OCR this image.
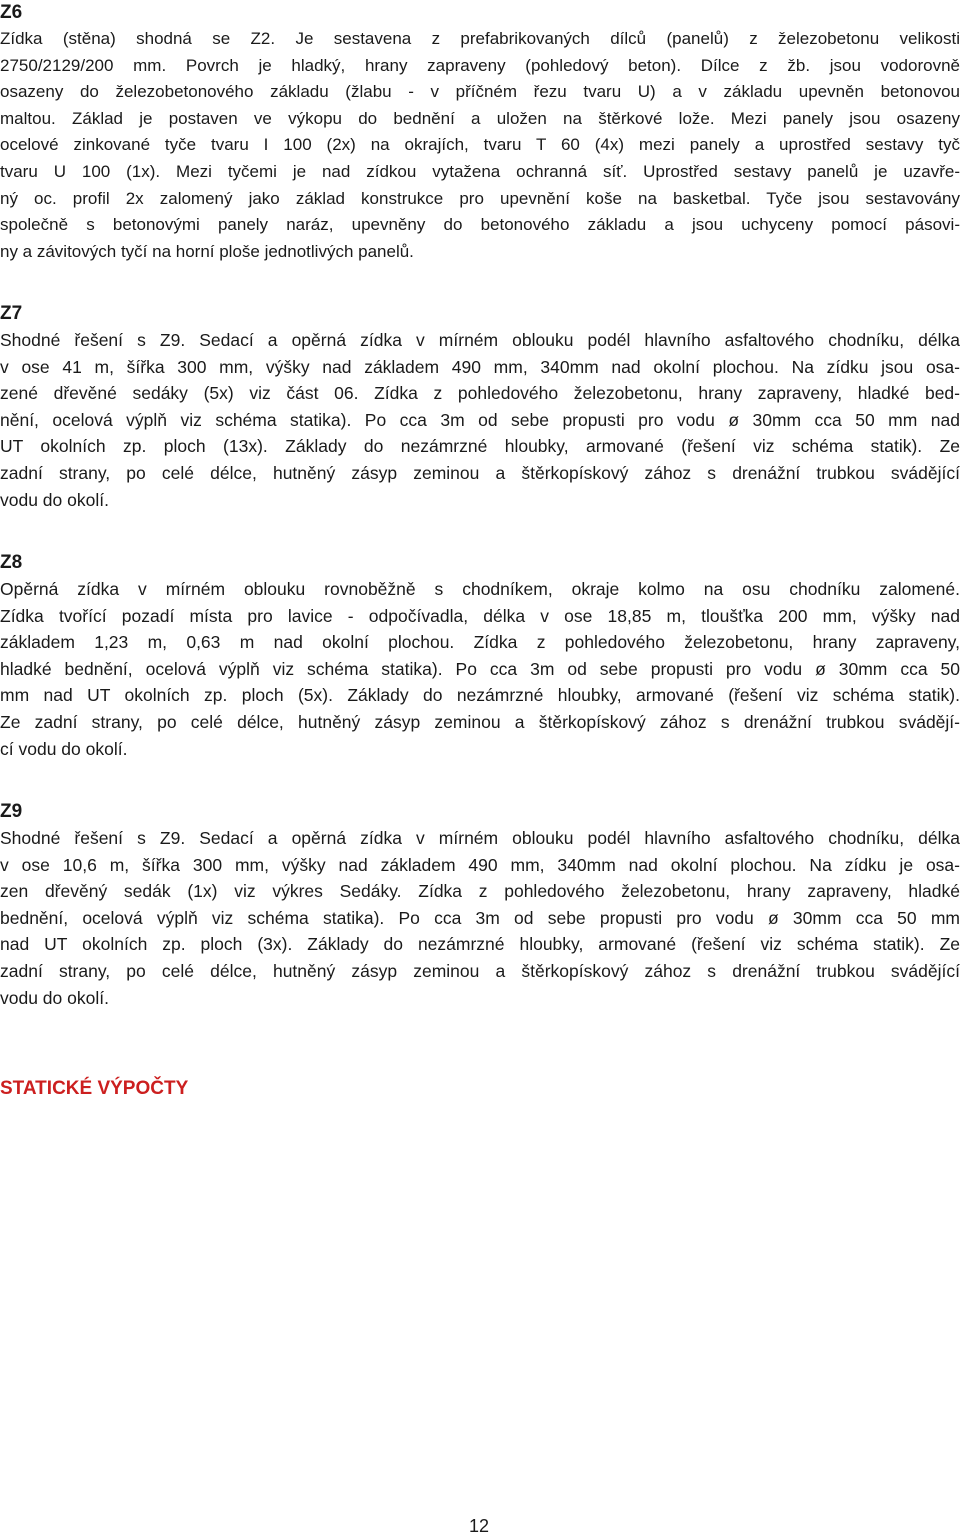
Z6
Zídka (stěna) shodná se Z2. Je sestavena z prefabrikovaných dílců (panelů) z železobetonu velikosti
2750/2129/200 mm. Povrch je hladký, hrany zapraveny (pohledový beton). Dílce z žb. jsou vodorovně
osazeny do železobetonového základu (žlabu - v příčném řezu tvaru U) a v základu upevněn betonovou
maltou. Základ je postaven ve výkopu do bednění a uložen na štěrkové lože. Mezi panely jsou osazeny
ocelové zinkované tyče tvaru I 100 (2x) na okrajích, tvaru T 60 (4x) mezi panely a uprostřed sestavy tyč
tvaru U 100 (1x). Mezi tyčemi je nad zídkou vytažena ochranná síť. Uprostřed sestavy panelů je uzavře-
ný oc. profil 2x zalomený jako základ konstrukce pro upevnění koše na basketbal. Tyče jsou sestavovány
společně s betonovými panely naráz, upevněny do betonového základu a jsou uchyceny pomocí pásovi-
ny a závitových tyčí na horní ploše jednotlivých panelů.
Z7
Shodné řešení s Z9. Sedací a opěrná zídka v mírném oblouku podél hlavního asfaltového chodníku, délka
v ose 41 m, šířka 300 mm, výšky nad základem 490 mm, 340mm nad okolní plochou. Na zídku jsou osa-
zené dřevěné sedáky (5x) viz část 06. Zídka z pohledového železobetonu, hrany zapraveny, hladké bed-
nění, ocelová výplň viz schéma statika). Po cca 3m od sebe propusti pro vodu ø 30mm cca 50 mm nad
UT okolních zp. ploch (13x). Základy do nezámrzné hloubky, armované (řešení viz schéma statik). Ze
zadní strany, po celé délce, hutněný zásyp zeminou a štěrkopískový zához s drenážní trubkou svádějící
vodu do okolí.
Z8
Opěrná zídka v mírném oblouku rovnoběžně s chodníkem, okraje kolmo na osu chodníku zalomené.
Zídka tvořící pozadí místa pro lavice - odpočívadla, délka v ose 18,85 m, tloušťka 200 mm, výšky nad
základem 1,23 m, 0,63 m nad okolní plochou. Zídka z pohledového železobetonu, hrany zapraveny,
hladké bednění, ocelová výplň viz schéma statika). Po cca 3m od sebe propusti pro vodu ø 30mm cca 50
mm nad UT okolních zp. ploch (5x). Základy do nezámrzné hloubky, armované (řešení viz schéma statik).
Ze zadní strany, po celé délce, hutněný zásyp zeminou a štěrkopískový zához s drenážní trubkou svádějí-
cí vodu do okolí.
Z9
Shodné řešení s Z9. Sedací a opěrná zídka v mírném oblouku podél hlavního asfaltového chodníku, délka
v ose 10,6 m, šířka 300 mm, výšky nad základem 490 mm, 340mm nad okolní plochou. Na zídku je osa-
zen dřevěný sedák (1x) viz výkres Sedáky. Zídka z pohledového železobetonu, hrany zapraveny, hladké
bednění, ocelová výplň viz schéma statika). Po cca 3m od sebe propusti pro vodu ø 30mm cca 50 mm
nad UT okolních zp. ploch (3x). Základy do nezámrzné hloubky, armované (řešení viz schéma statik). Ze
zadní strany, po celé délce, hutněný zásyp zeminou a štěrkopískový zához s drenážní trubkou svádějící
vodu do okolí.
STATICKÉ VÝPOČTY
12
